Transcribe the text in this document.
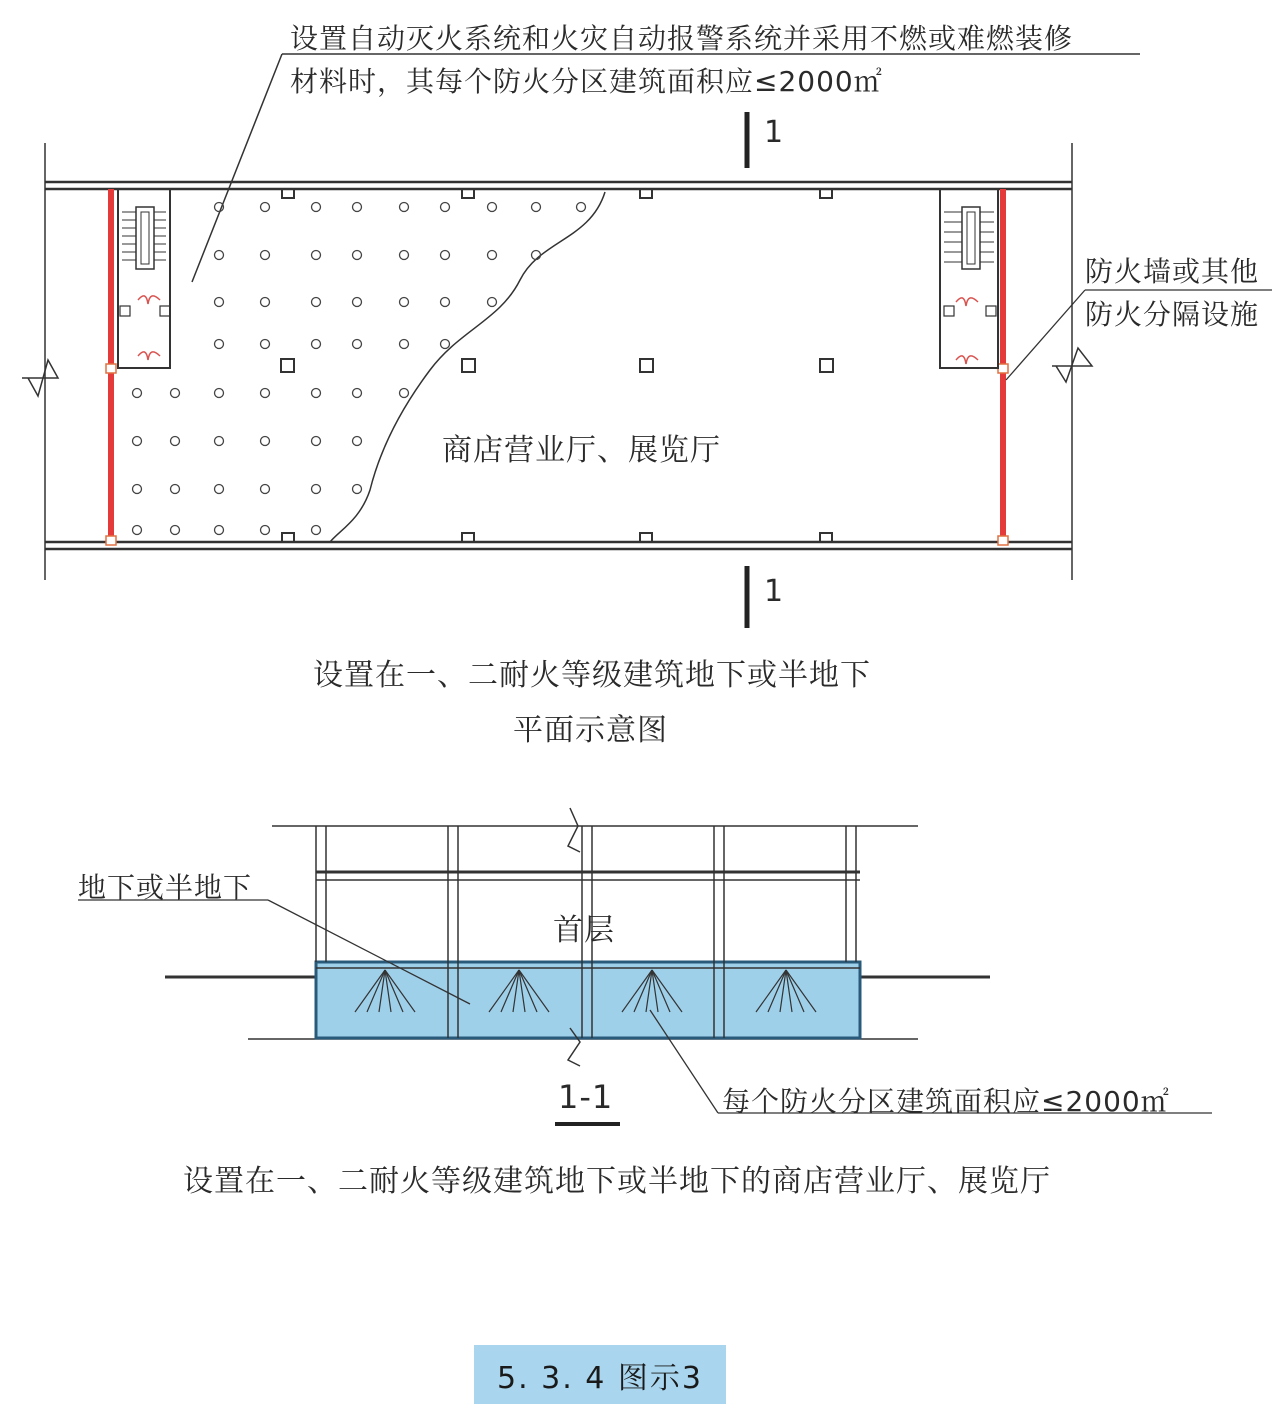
设置自动灭火系统和火灾自动报警系统并采用不燃或难燃装修
材料时，其每个防火分区建筑面积应≤2000㎡
1
1
防火墙或其他
防火分隔设施
商店营业厅、展览厅
设置在一、二耐火等级建筑地下或半地下
平面示意图
地下或半地下
首层
每个防火分区建筑面积应≤2000㎡
1-1
设置在一、二耐火等级建筑地下或半地下的商店营业厅、展览厅
5. 3. 4 图示3
